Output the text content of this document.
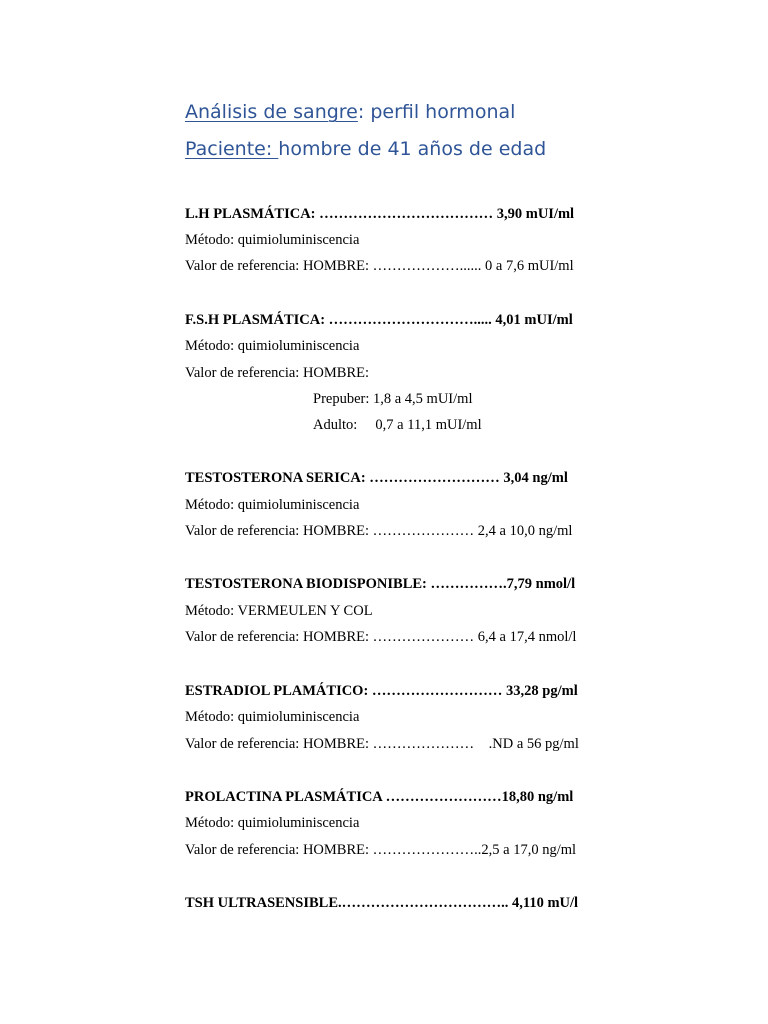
Análisis de sangre: perfil hormonal
Paciente: hombre de 41 años de edad
L.H PLASMÁTICA: ……………………………… 3,90 mUI/ml
Método: quimioluminiscencia
Valor de referencia: HOMBRE: ………………...... 0 a 7,6 mUI/ml
F.S.H PLASMÁTICA: …………………………..... 4,01 mUI/ml
Método: quimioluminiscencia
Valor de referencia: HOMBRE:
Prepuber: 1,8 a 4,5 mUI/ml
Adulto:     0,7 a 11,1 mUI/ml
TESTOSTERONA SERICA: ……………………… 3,04 ng/ml
Método: quimioluminiscencia
Valor de referencia: HOMBRE: ………………… 2,4 a 10,0 ng/ml
TESTOSTERONA BIODISPONIBLE: …………….7,79 nmol/l
Método: VERMEULEN Y COL
Valor de referencia: HOMBRE: ………………… 6,4 a 17,4 nmol/l
ESTRADIOL PLAMÁTICO: ……………………… 33,28 pg/ml
Método: quimioluminiscencia
Valor de referencia: HOMBRE: …………………    .ND a 56 pg/ml
PROLACTINA PLASMÁTICA ……………………18,80 ng/ml
Método: quimioluminiscencia
Valor de referencia: HOMBRE: …………………..2,5 a 17,0 ng/ml
TSH ULTRASENSIBLE.…………………………….. 4,110 mU/l
